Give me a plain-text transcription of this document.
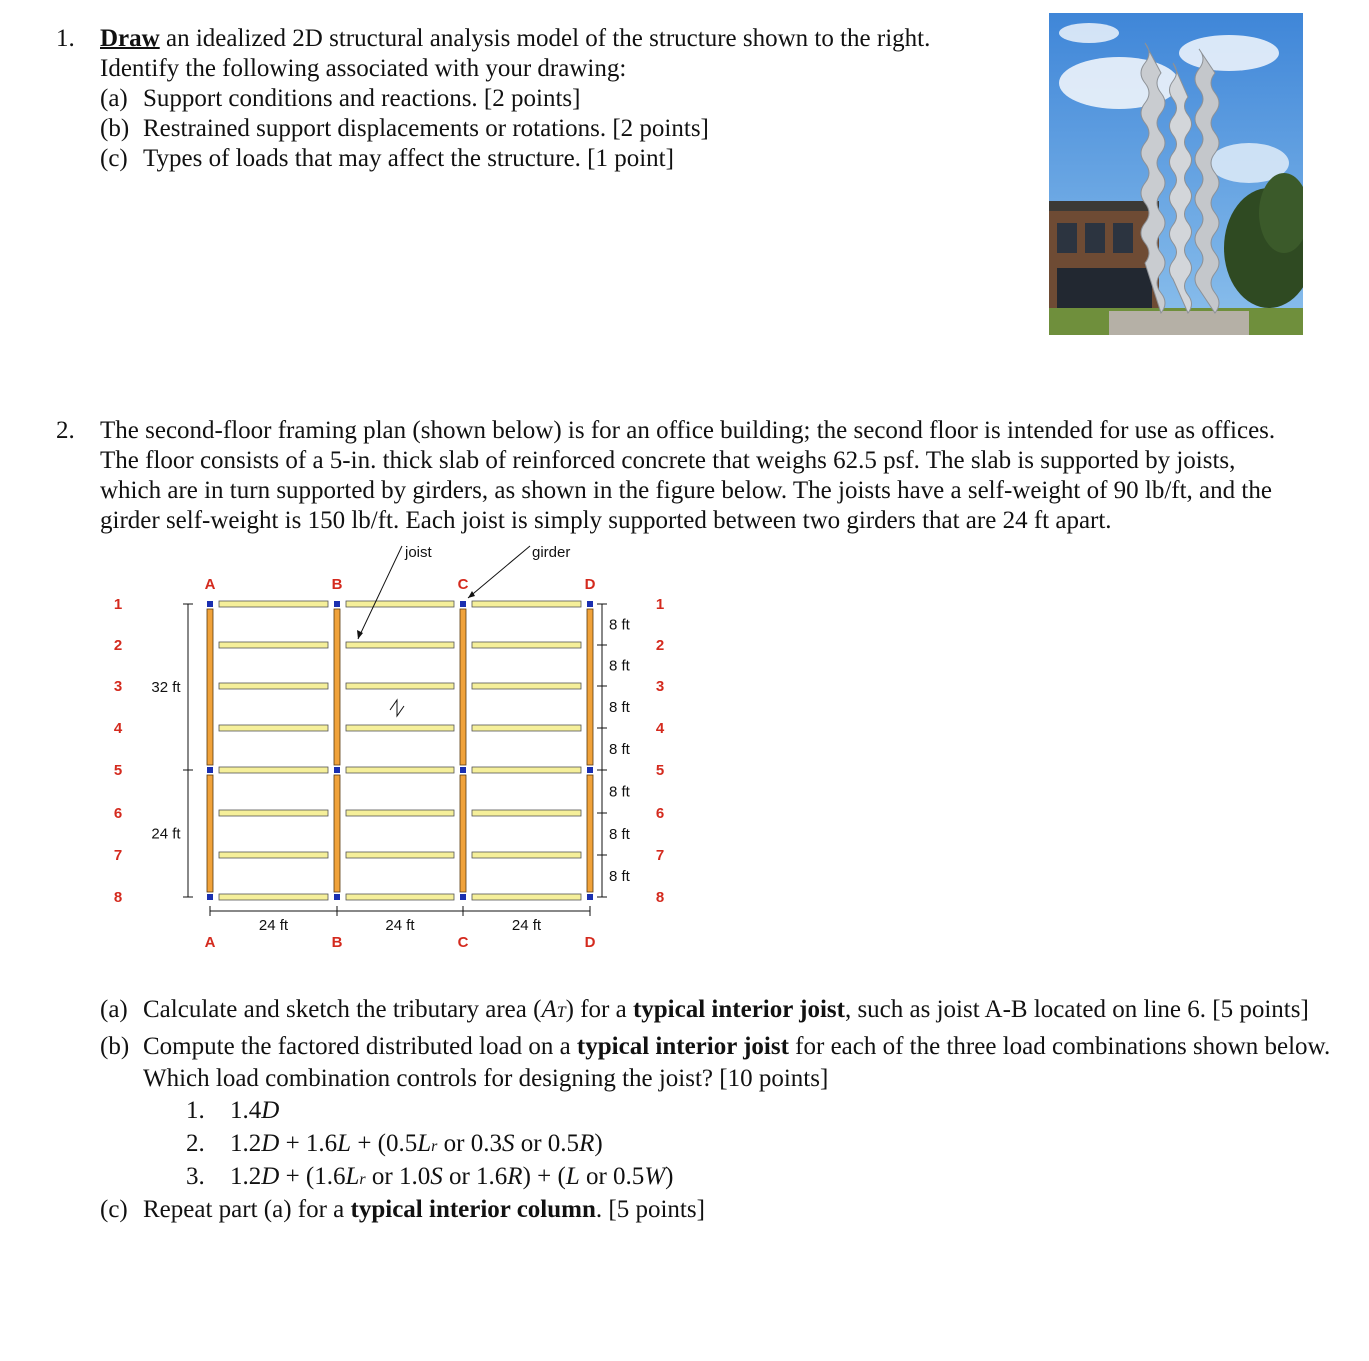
1. Draw an idealized 2D structural analysis model of the structure shown to the right.
Identify the following associated with your drawing:
(a) Support conditions and reactions. [2 points]
(b) Restrained support displacements or rotations. [2 points]
(c) Types of loads that may affect the structure. [1 point]
2. The second-floor framing plan (shown below) is for an office building; the second floor is intended for use as offices.
The floor consists of a 5-in. thick slab of reinforced concrete that weighs 62.5 psf. The slab is supported by joists,
which are in turn supported by girders, as shown in the figure below. The joists have a self-weight of 90 lb/ft, and the
girder self-weight is 150 lb/ft. Each joist is simply supported between two girders that are 24 ft apart.
A
A
B
B
C
C
D
D
1	1
2	2
3	3
4	4
5	5
6	6
7	7
8	8
32 ft
24 ft
8 ft
8 ft
8 ft
8 ft
8 ft
8 ft
8 ft
24 ft	24 ft	24 ft
joist	girder
(a) Calculate and sketch the tributary area (AT) for a typical interior joist, such as joist A-B located on line 6. [5 points]
(b) Compute the factored distributed load on a typical interior joist for each of the three load combinations shown below. Which load combination controls for designing the joist? [10 points]
1. 1.4D
2. 1.2D + 1.6L + (0.5Lr or 0.3S or 0.5R)
3. 1.2D + (1.6Lr or 1.0S or 1.6R) + (L or 0.5W)
(c) Repeat part (a) for a typical interior column. [5 points]
